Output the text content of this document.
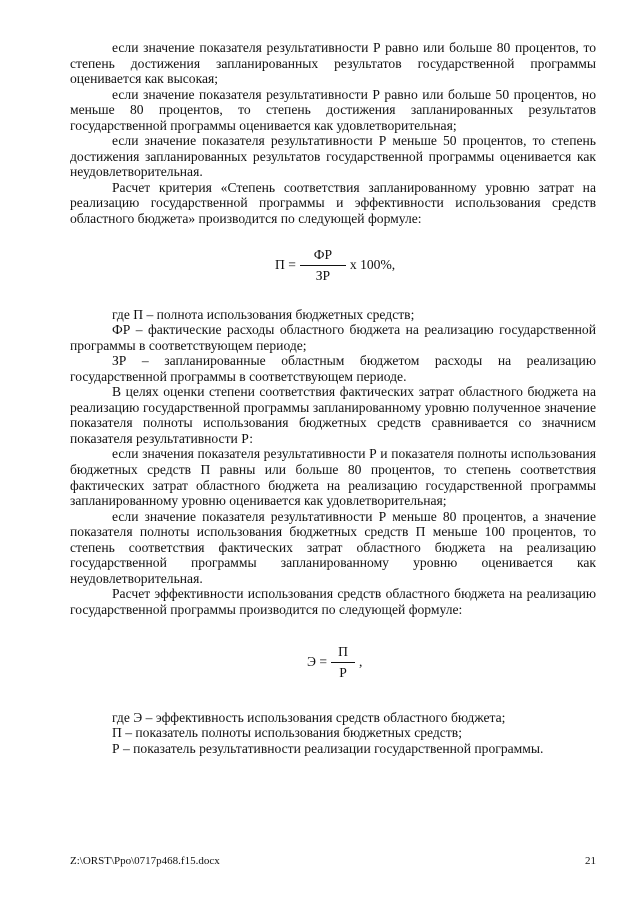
если значение показателя результативности Р равно или больше 80 процентов, то степень достижения запланированных результатов государственной программы оценивается как высокая;

если значение показателя результативности Р равно или больше 50 процентов, но меньше 80 процентов, то степень достижения запланированных результатов государственной программы оценивается как удовлетворительная;

если значение показателя результативности Р меньше 50 процентов, то степень достижения запланированных результатов государственной программы оценивается как неудовлетворительная.

Расчет критерия «Степень соответствия запланированному уровню затрат на реализацию государственной программы и эффективности использования средств областного бюджета» производится по следующей формуле:

$П = \frac{ФР}{ЗР}$ х 100%,

где П – полнота использования бюджетных средств;

ФР – фактические расходы областного бюджета на реализацию государственной программы в соответствующем периоде;

ЗР – запланированные областным бюджетом расходы на реализацию государственной программы в соответствующем периоде.

В целях оценки степени соответствия фактических затрат областного бюджета на реализацию государственной программы запланированному уровню полученное значение показателя полноты использования бюджетных средств сравнивается со значнисм показателя результативности Р:

если значения показателя результативности Р и показателя полноты использования бюджетных средств П равны или больше 80 процентов, то степень соответствия фактических затрат областного бюджета на реализацию государственной программы запланированному уровню оценивается как удовлетворительная;

если значение показателя результативности Р меньше 80 процентов, а значение показателя полноты использования бюджетных средств П меньше 100 процентов, то степень соответствия фактических затрат областного бюджета на реализацию государственной программы запланированному уровню оценивается как неудовлетворительная.

Расчет эффективности использования средств областного бюджета на реализацию государственной программы производится по следующей формуле:

$Э = \frac{П}{Р}$ ,

где Э – эффективность использования средств областного бюджета;

П – показатель полноты использования бюджетных средств;

Р – показатель результативности реализации государственной программы.

Z:\ORST\Ppo\0717p468.f15.docx	21
